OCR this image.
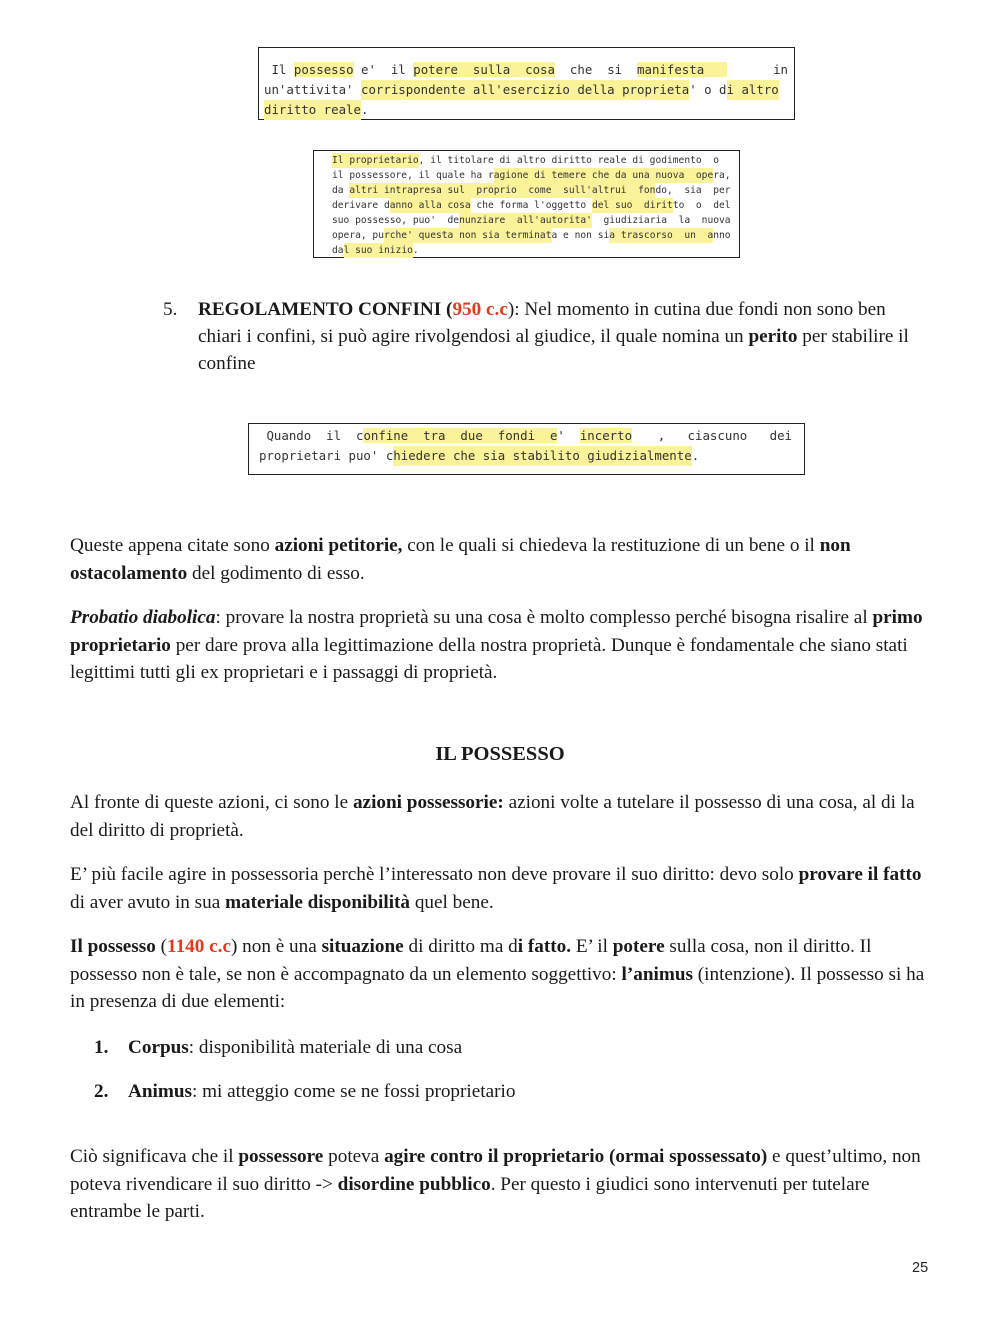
Il possesso e'  il potere  sulla  cosa  che  si  manifesta	in
un'attivita' corrispondente all'esercizio della proprieta ' o d i altro
diritto reale .
Il proprietario , il titolare di altro diritto reale di godimento  o
il possessore, il quale ha r agione di temere che da una nuova  ope ra,
da altri intrapresa sul  proprio  come  sull'altrui  fon do,  sia  per
derivare d anno alla cosa che forma l'oggetto del suo  dirit to  o  del
suo possesso, puo'  de nunziare  all'autorita' giudiziaria  la  nuova
opera, pu rche' questa non sia terminat a e non si a trascorso  un  a nno
da l suo inizio .
5. REGOLAMENTO CONFINI (950 c.c): Nel momento in cutina due fondi non sono ben chiari i confini, si può agire rivolgendosi al giudice, il quale nomina un perito per stabilire il confine
Quando  il  confine  tra  due  fondi  e'  incerto ,   ciascuno   dei
proprietari puo' c hiedere che sia stabilito giudizialmente .

Queste appena citate sono azioni petitorie, con le quali si chiedeva la restituzione di un bene o il non ostacolamento del godimento di esso.

Probatio diabolica: provare la nostra proprietà su una cosa è molto complesso perché bisogna risalire al primo proprietario per dare prova alla legittimazione della nostra proprietà. Dunque è fondamentale che siano stati legittimi tutti gli ex proprietari e i passaggi di proprietà.

IL POSSESSO

Al fronte di queste azioni, ci sono le azioni possessorie: azioni volte a tutelare il possesso di una cosa, al di la del diritto di proprietà.

E’ più facile agire in possessoria perchè l’interessato non deve provare il suo diritto: devo solo provare il fatto di aver avuto in sua materiale disponibilità quel bene.

Il possesso (1140 c.c) non è una situazione di diritto ma di fatto. E’ il potere sulla cosa, non il diritto. Il possesso non è tale, se non è accompagnato da un elemento soggettivo: l’animus (intenzione). Il possesso si ha in presenza di due elementi:

1. Corpus: disponibilità materiale di una cosa
2. Animus: mi atteggio come se ne fossi proprietario

Ciò significava che il possessore poteva agire contro il proprietario (ormai spossessato) e quest’ultimo, non poteva rivendicare il suo diritto -> disordine pubblico. Per questo i giudici sono intervenuti per tutelare entrambe le parti.

25
